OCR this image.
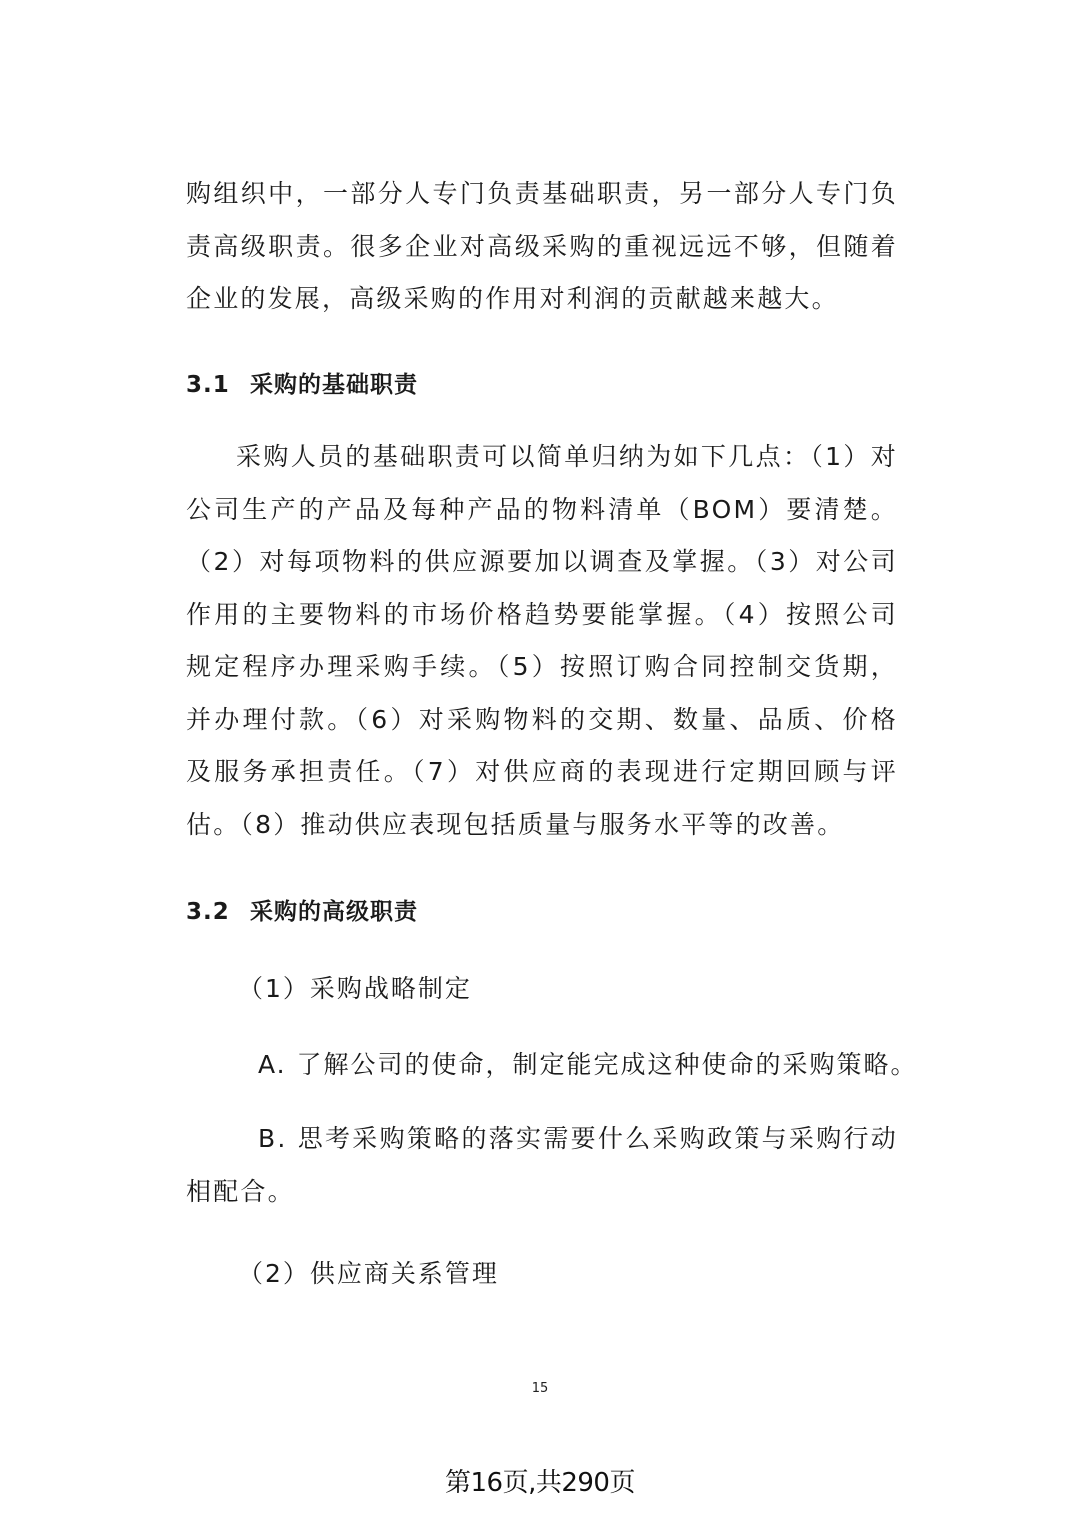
购组织中，一部分人专门负责基础职责，另一部分人专门负责高级职责。很多企业对高级采购的重视远远不够，但随着企业的发展，高级采购的作用对利润的贡献越来越大。

3.1 采购的基础职责

采购人员的基础职责可以简单归纳为如下几点：（1）对公司生产的产品及每种产品的物料清单（BOM）要清楚。（2）对每项物料的供应源要加以调查及掌握。（3）对公司作用的主要物料的市场价格趋势要能掌握。（4）按照公司规定程序办理采购手续。（5）按照订购合同控制交货期，并办理付款。（6）对采购物料的交期、数量、品质、价格及服务承担责任。（7）对供应商的表现进行定期回顾与评估。（8）推动供应表现包括质量与服务水平等的改善。

3.2 采购的高级职责

（1）采购战略制定

A. 了解公司的使命，制定能完成这种使命的采购策略。

B. 思考采购策略的落实需要什么采购政策与采购行动相配合。

（2）供应商关系管理

15
第16页,共290页
